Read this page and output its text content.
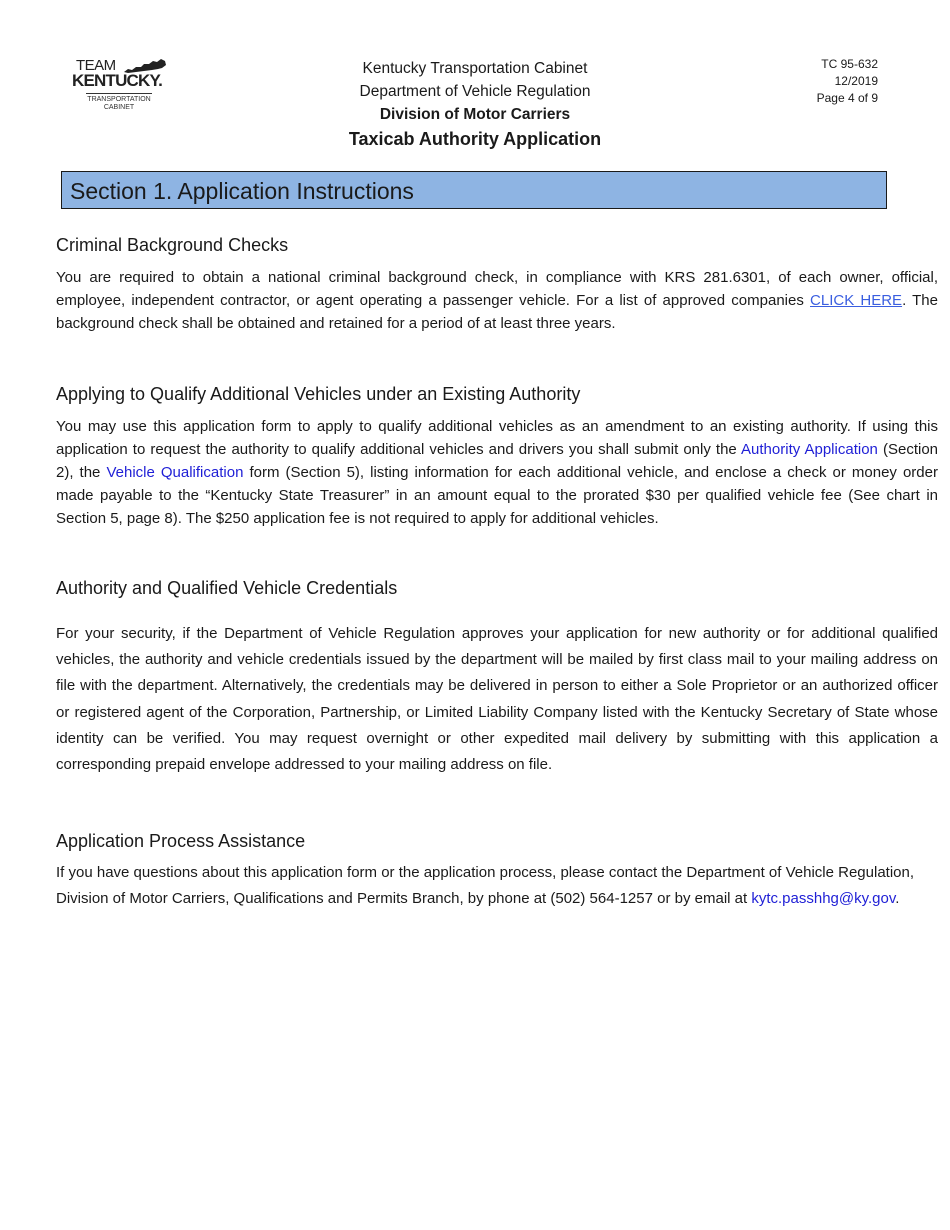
TEAM
KENTUCKY.
TRANSPORTATION
CABINET
Kentucky Transportation Cabinet
Department of Vehicle Regulation
Division of Motor Carriers
Taxicab Authority Application
TC 95-632
12/2019
Page 4 of 9
Section 1. Application Instructions
Criminal Background Checks

You are required to obtain a national criminal background check, in compliance with KRS 281.6301, of each owner, official, employee, independent contractor, or agent operating a passenger vehicle. For a list of approved companies CLICK HERE. The background check shall be obtained and retained for a period of at least three years.

Applying to Qualify Additional Vehicles under an Existing Authority

You may use this application form to apply to qualify additional vehicles as an amendment to an existing authority. If using this application to request the authority to qualify additional vehicles and drivers you shall submit only the Authority Application (Section 2), the Vehicle Qualification form (Section 5), listing information for each additional vehicle, and enclose a check or money order made payable to the “Kentucky State Treasurer” in an amount equal to the prorated $30 per qualified vehicle fee (See chart in Section 5, page 8). The $250 application fee is not required to apply for additional vehicles.

Authority and Qualified Vehicle Credentials

For your security, if the Department of Vehicle Regulation approves your application for new authority or for additional qualified vehicles, the authority and vehicle credentials issued by the department will be mailed by first class mail to your mailing address on file with the department. Alternatively, the credentials may be delivered in person to either a Sole Proprietor or an authorized officer or registered agent of the Corporation, Partnership, or Limited Liability Company listed with the Kentucky Secretary of State whose identity can be verified. You may request overnight or other expedited mail delivery by submitting with this application a corresponding prepaid envelope addressed to your mailing address on file.

Application Process Assistance

If you have questions about this application form or the application process, please contact the Department of Vehicle Regulation, Division of Motor Carriers, Qualifications and Permits Branch, by phone at (502) 564-1257 or by email at kytc.passhhg@ky.gov.
